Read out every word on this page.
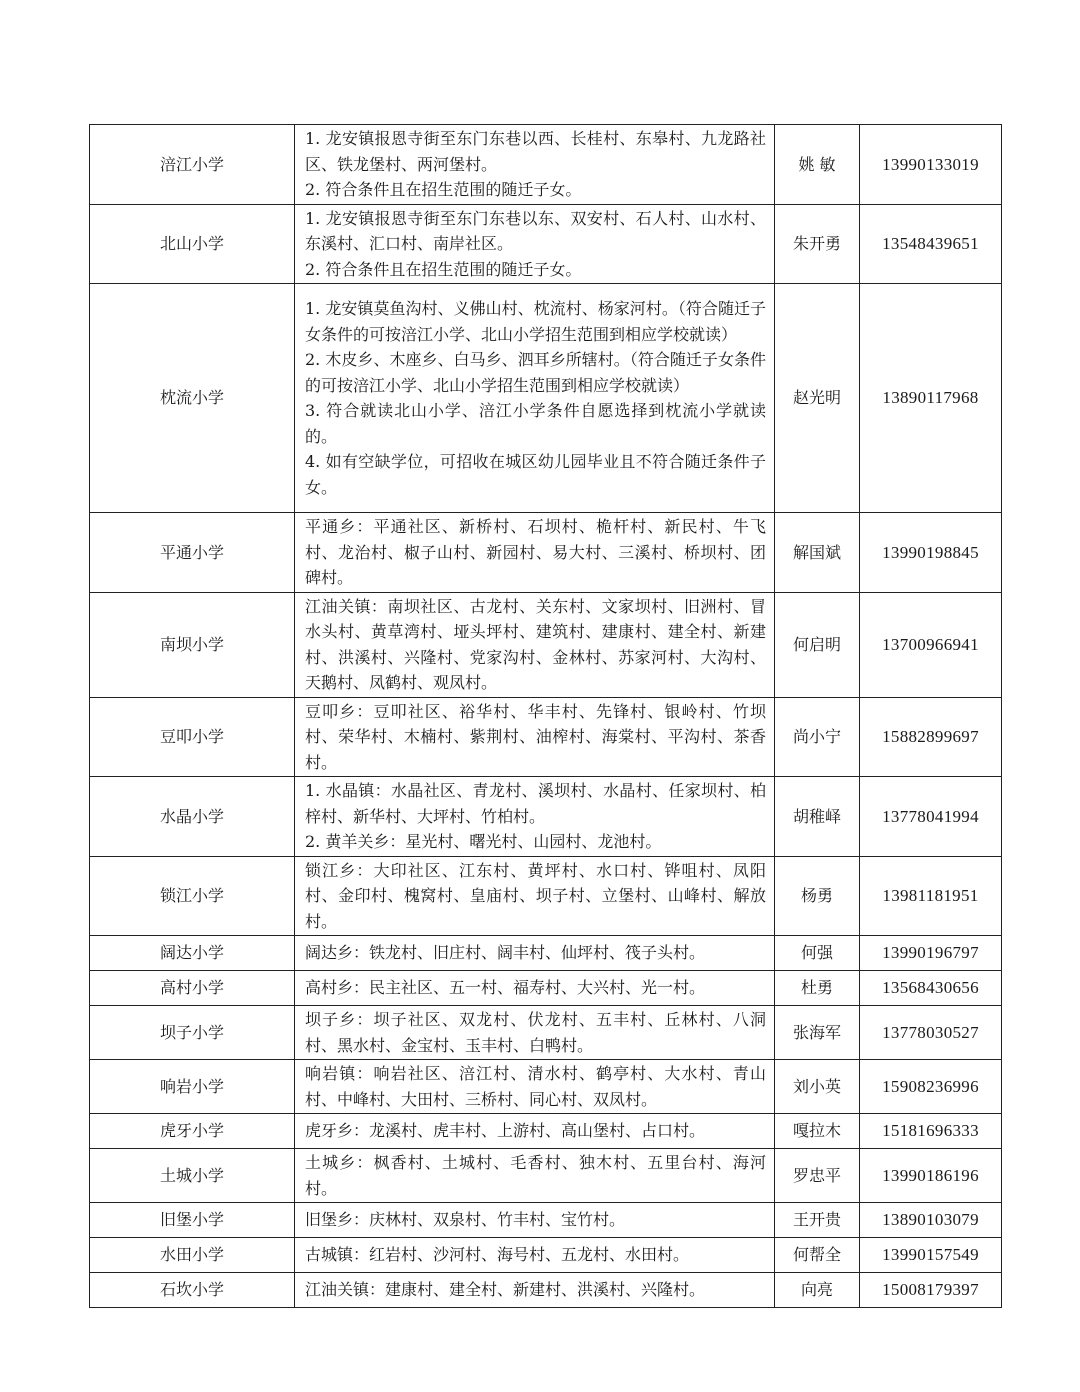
涪江小学	1. 龙安镇报恩寺街至东门东巷以西、长桂村、东皋村、九龙路社区、铁龙堡村、两河堡村。
2. 符合条件且在招生范围的随迁子女。	姚 敏	13990133019
北山小学	1. 龙安镇报恩寺街至东门东巷以东、双安村、石人村、山水村、东溪村、汇口村、南岸社区。
2. 符合条件且在招生范围的随迁子女。	朱开勇	13548439651
枕流小学	1. 龙安镇莫鱼沟村、义佛山村、枕流村、杨家河村。（符合随迁子女条件的可按涪江小学、北山小学招生范围到相应学校就读）
2. 木皮乡、木座乡、白马乡、泗耳乡所辖村。（符合随迁子女条件的可按涪江小学、北山小学招生范围到相应学校就读）
3. 符合就读北山小学、涪江小学条件自愿选择到枕流小学就读的。
4. 如有空缺学位，可招收在城区幼儿园毕业且不符合随迁条件子女。	赵光明	13890117968
平通小学	平通乡：平通社区、新桥村、石坝村、桅杆村、新民村、牛飞村、龙治村、椒子山村、新园村、易大村、三溪村、桥坝村、团碑村。	解国斌	13990198845
南坝小学	江油关镇：南坝社区、古龙村、关东村、文家坝村、旧洲村、冒水头村、黄草湾村、垭头坪村、建筑村、建康村、建全村、新建村、洪溪村、兴隆村、党家沟村、金林村、苏家河村、大沟村、天鹅村、凤鹤村、观凤村。	何启明	13700966941
豆叩小学	豆叩乡：豆叩社区、裕华村、华丰村、先锋村、银岭村、竹坝村、荣华村、木楠村、紫荆村、油榨村、海棠村、平沟村、茶香村。	尚小宁	15882899697
水晶小学	1. 水晶镇：水晶社区、青龙村、溪坝村、水晶村、任家坝村、柏梓村、新华村、大坪村、竹柏村。
2. 黄羊关乡：星光村、曙光村、山园村、龙池村。	胡稚峄	13778041994
锁江小学	锁江乡：大印社区、江东村、黄坪村、水口村、铧咀村、凤阳村、金印村、槐窝村、皇庙村、坝子村、立堡村、山峰村、解放村。	杨勇	13981181951
阔达小学	阔达乡：铁龙村、旧庄村、阔丰村、仙坪村、筏子头村。	何强	13990196797
高村小学	高村乡：民主社区、五一村、福寿村、大兴村、光一村。	杜勇	13568430656
坝子小学	坝子乡：坝子社区、双龙村、伏龙村、五丰村、丘林村、八洞村、黑水村、金宝村、玉丰村、白鸭村。	张海军	13778030527
响岩小学	响岩镇：响岩社区、涪江村、清水村、鹤亭村、大水村、青山村、中峰村、大田村、三桥村、同心村、双凤村。	刘小英	15908236996
虎牙小学	虎牙乡：龙溪村、虎丰村、上游村、高山堡村、占口村。	嘎拉木	15181696333
土城小学	土城乡：枫香村、土城村、毛香村、独木村、五里台村、海河村。	罗忠平	13990186196
旧堡小学	旧堡乡：庆林村、双泉村、竹丰村、宝竹村。	王开贵	13890103079
水田小学	古城镇：红岩村、沙河村、海号村、五龙村、水田村。	何帮全	13990157549
石坎小学	江油关镇：建康村、建全村、新建村、洪溪村、兴隆村。	向亮	15008179397
